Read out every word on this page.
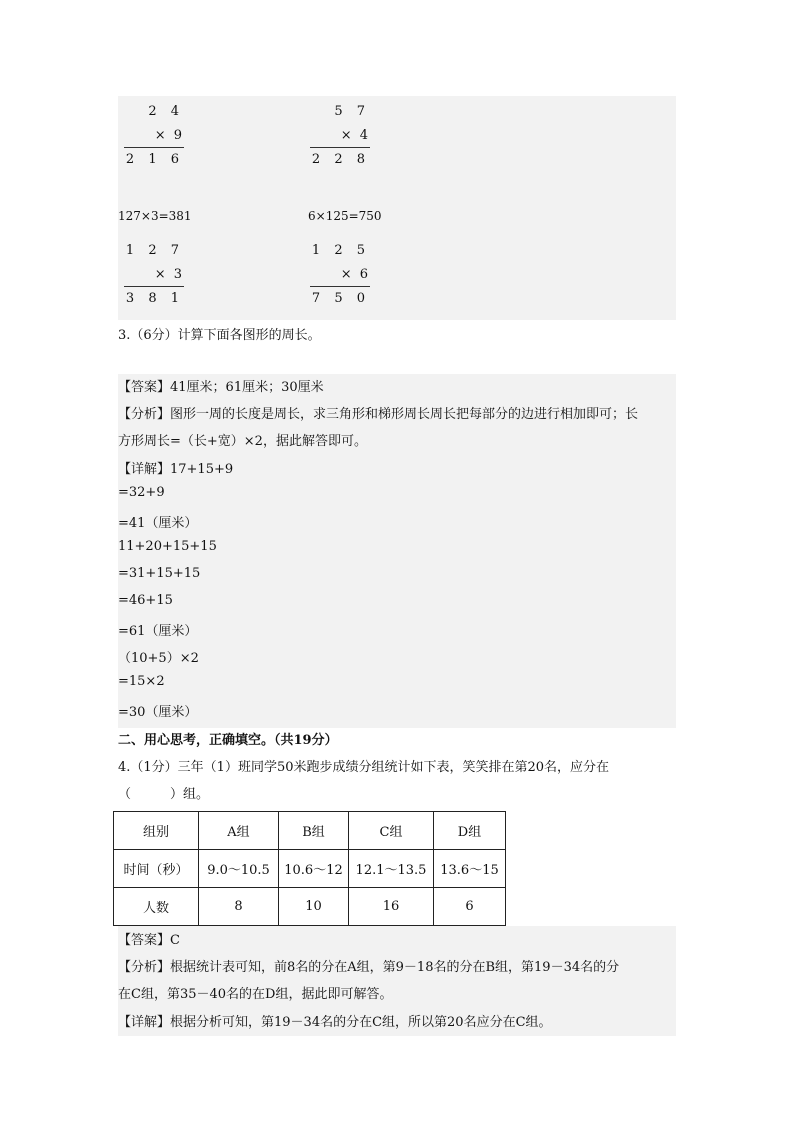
2 4
× 9
2 1 6
5 7
× 4
2 2 8
127×3=381	6×125=750
1 2 7
× 3
3 8 1
1 2 5
× 6
7 5 0
3.（6分）计算下面各图形的周长。
【答案】41厘米；61厘米；30厘米
【分析】图形一周的长度是周长，求三角形和梯形周长周长把每部分的边进行相加即可；长
方形周长=（长+宽）×2，据此解答即可。
【详解】17+15+9
=32+9
=41（厘米）
11+20+15+15
=31+15+15
=46+15
=61（厘米）
（10+5）×2
=15×2
=30（厘米）
二、用心思考，正确填空。（共19分）
4.（1分）三年（1）班同学50米跑步成绩分组统计如下表，笑笑排在第20名，应分在
（　　　）组。
组别	A组	B组	C组	D组
时间（秒）	9.0～10.5	10.6～12	12.1～13.5	13.6～15
人数	8	10	16	6
【答案】C
【分析】根据统计表可知，前8名的分在A组，第9－18名的分在B组，第19－34名的分
在C组，第35－40名的在D组，据此即可解答。
【详解】根据分析可知，第19－34名的分在C组，所以第20名应分在C组。
